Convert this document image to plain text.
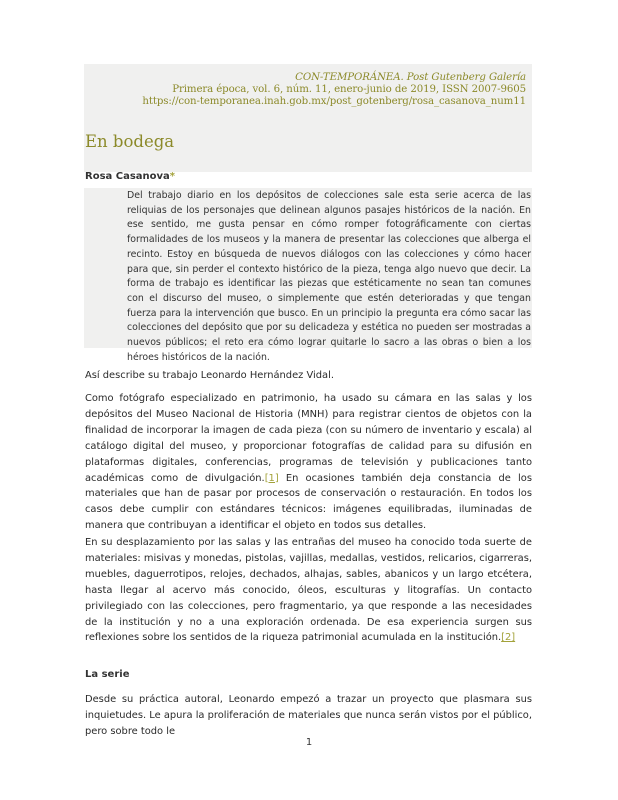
CON-TEMPORÁNEA. Post Gutenberg Galería
Primera época, vol. 6, núm. 11, enero-junio de 2019, ISSN 2007-9605
https://con-temporanea.inah.gob.mx/post_gotenberg/rosa_casanova_num11
En bodega
Rosa Casanova*

Del trabajo diario en los depósitos de colecciones sale esta serie acerca de las reliquias de los personajes que delinean algunos pasajes históricos de la nación. En ese sentido, me gusta pensar en cómo romper fotográficamente con ciertas formalidades de los museos y la manera de presentar las colecciones que alberga el recinto. Estoy en búsqueda de nuevos diálogos con las colecciones y cómo hacer para que, sin perder el contexto histórico de la pieza, tenga algo nuevo que decir. La forma de trabajo es identificar las piezas que estéticamente no sean tan comunes con el discurso del museo, o simplemente que estén deterioradas y que tengan fuerza para la intervención que busco. En un principio la pregunta era cómo sacar las colecciones del depósito que por su delicadeza y estética no pueden ser mostradas a nuevos públicos; el reto era cómo lograr quitarle lo sacro a las obras o bien a los héroes históricos de la nación.

Así describe su trabajo Leonardo Hernández Vidal.

Como fotógrafo especializado en patrimonio, ha usado su cámara en las salas y los depósitos del Museo Nacional de Historia (MNH) para registrar cientos de objetos con la finalidad de incorporar la imagen de cada pieza (con su número de inventario y escala) al catálogo digital del museo, y proporcionar fotografías de calidad para su difusión en plataformas digitales, conferencias, programas de televisión y publicaciones tanto académicas como de divulgación.[1] En ocasiones también deja constancia de los materiales que han de pasar por procesos de conservación o restauración. En todos los casos debe cumplir con estándares técnicos: imágenes equilibradas, iluminadas de manera que contribuyan a identificar el objeto en todos sus detalles.

En su desplazamiento por las salas y las entrañas del museo ha conocido toda suerte de materiales: misivas y monedas, pistolas, vajillas, medallas, vestidos, relicarios, cigarreras, muebles, daguerrotipos, relojes, dechados, alhajas, sables, abanicos y un largo etcétera, hasta llegar al acervo más conocido, óleos, esculturas y litografías. Un contacto privilegiado con las colecciones, pero fragmentario, ya que responde a las necesidades de la institución y no a una exploración ordenada. De esa experiencia surgen sus reflexiones sobre los sentidos de la riqueza patrimonial acumulada en la institución.[2]

La serie

Desde su práctica autoral, Leonardo empezó a trazar un proyecto que plasmara sus inquietudes. Le apura la proliferación de materiales que nunca serán vistos por el público, pero sobre todo le

1
